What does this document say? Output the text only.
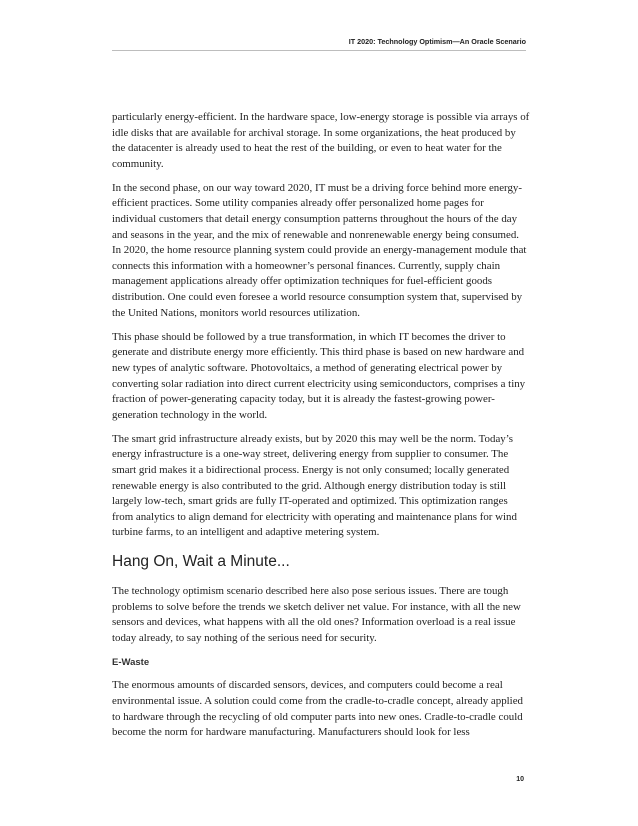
IT 2020: Technology Optimism—An Oracle Scenario

particularly energy-efficient. In the hardware space, low-energy storage is possible via arrays of idle disks that are available for archival storage. In some organizations, the heat produced by the datacenter is already used to heat the rest of the building, or even to heat water for the community.

In the second phase, on our way toward 2020, IT must be a driving force behind more energy-efficient practices. Some utility companies already offer personalized home pages for individual customers that detail energy consumption patterns throughout the hours of the day and seasons in the year, and the mix of renewable and nonrenewable energy being consumed. In 2020, the home resource planning system could provide an energy-management module that connects this information with a homeowner’s personal finances. Currently, supply chain management applications already offer optimization techniques for fuel-efficient goods distribution. One could even foresee a world resource consumption system that, supervised by the United Nations, monitors world resources utilization.

This phase should be followed by a true transformation, in which IT becomes the driver to generate and distribute energy more efficiently. This third phase is based on new hardware and new types of analytic software. Photovoltaics, a method of generating electrical power by converting solar radiation into direct current electricity using semiconductors, comprises a tiny fraction of power-generating capacity today, but it is already the fastest-growing power-generation technology in the world.

The smart grid infrastructure already exists, but by 2020 this may well be the norm. Today’s energy infrastructure is a one-way street, delivering energy from supplier to consumer. The smart grid makes it a bidirectional process. Energy is not only consumed; locally generated renewable energy is also contributed to the grid. Although energy distribution today is still largely low-tech, smart grids are fully IT-operated and optimized. This optimization ranges from analytics to align demand for electricity with operating and maintenance plans for wind turbine farms, to an intelligent and adaptive metering system.

Hang On, Wait a Minute...

The technology optimism scenario described here also pose serious issues. There are tough problems to solve before the trends we sketch deliver net value. For instance, with all the new sensors and devices, what happens with all the old ones? Information overload is a real issue today already, to say nothing of the serious need for security.

E-Waste

The enormous amounts of discarded sensors, devices, and computers could become a real environmental issue. A solution could come from the cradle-to-cradle concept, already applied to hardware through the recycling of old computer parts into new ones. Cradle-to-cradle could become the norm for hardware manufacturing. Manufacturers should look for less

10
